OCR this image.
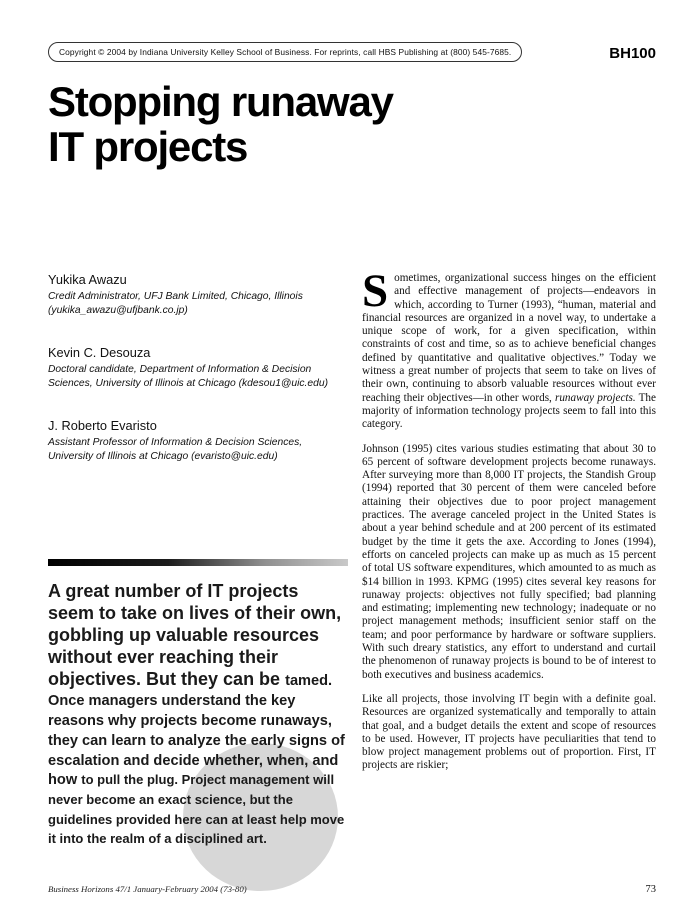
Copyright © 2004 by Indiana University Kelley School of Business. For reprints, call HBS Publishing at (800) 545-7685.	BH100
Stopping runaway
IT projects
Yukika Awazu
Credit Administrator, UFJ Bank Limited, Chicago, Illinois (yukika_awazu@ufjbank.co.jp)
Kevin C. Desouza
Doctoral candidate, Department of Information & Decision Sciences, University of Illinois at Chicago (kdesou1@uic.edu)
J. Roberto Evaristo
Assistant Professor of Information & Decision Sciences, University of Illinois at Chicago (evaristo@uic.edu)
A great number of IT projects seem to take on lives of their own, gobbling up valuable resources without ever reaching their objectives. But they can be tamed. Once managers understand the key reasons why projects become runaways, they can learn to analyze the early signs of escalation and decide whether, when, and how to pull the plug. Project management will never become an exact science, but the guidelines provided here can at least help move it into the realm of a disciplined art.

Sometimes, organizational success hinges on the efficient and effective management of projects—endeavors in which, according to Turner (1993), “human, material and financial resources are organized in a novel way, to undertake a unique scope of work, for a given specification, within constraints of cost and time, so as to achieve beneficial changes defined by quantitative and qualitative objectives.” Today we witness a great number of projects that seem to take on lives of their own, continuing to absorb valuable resources without ever reaching their objectives—in other words, runaway projects. The majority of information technology projects seem to fall into this category.

Johnson (1995) cites various studies estimating that about 30 to 65 percent of software development projects become runaways. After surveying more than 8,000 IT projects, the Standish Group (1994) reported that 30 percent of them were canceled before attaining their objectives due to poor project management practices. The average canceled project in the United States is about a year behind schedule and at 200 percent of its estimated budget by the time it gets the axe. According to Jones (1994), efforts on canceled projects can make up as much as 15 percent of total US software expenditures, which amounted to as much as $14 billion in 1993. KPMG (1995) cites several key reasons for runaway projects: objectives not fully specified; bad planning and estimating; implementing new technology; inadequate or no project management methods; insufficient senior staff on the team; and poor performance by hardware or software suppliers. With such dreary statistics, any effort to understand and curtail the phenomenon of runaway projects is bound to be of interest to both executives and business academics.

Like all projects, those involving IT begin with a definite goal. Resources are organized systematically and temporally to attain that goal, and a budget details the extent and scope of resources to be used. However, IT projects have peculiarities that tend to blow project management problems out of proportion. First, IT projects are riskier;

Business Horizons 47/1 January-February 2004 (73-80)	73
